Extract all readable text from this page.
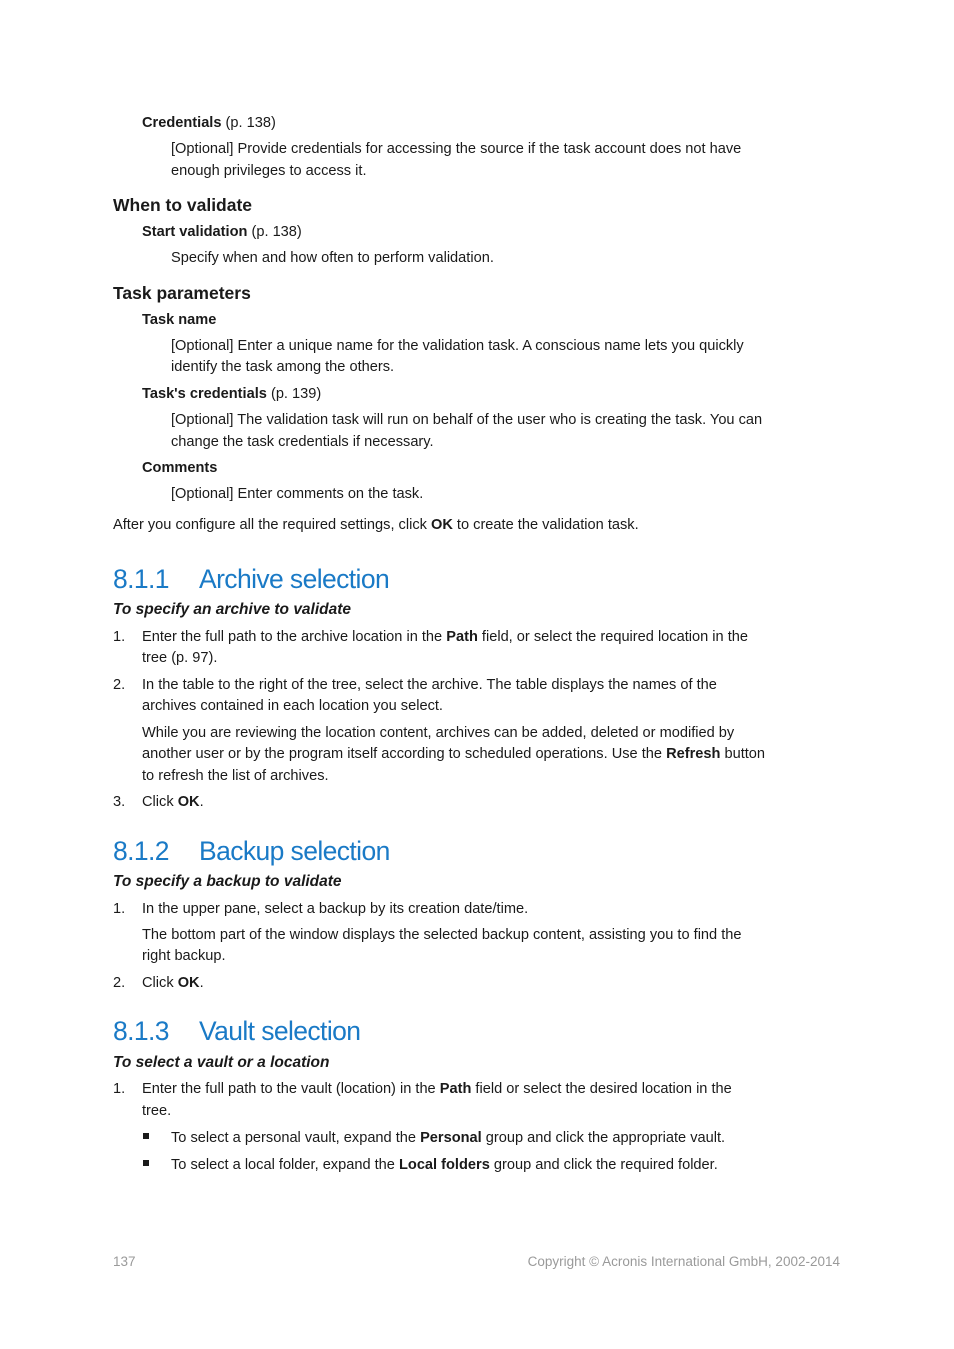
Credentials (p. 138)
[Optional] Provide credentials for accessing the source if the task account does not have
enough privileges to access it.
When to validate
Start validation (p. 138)
Specify when and how often to perform validation.
Task parameters
Task name
[Optional] Enter a unique name for the validation task. A conscious name lets you quickly
identify the task among the others.
Task's credentials (p. 139)
[Optional] The validation task will run on behalf of the user who is creating the task. You can
change the task credentials if necessary.
Comments
[Optional] Enter comments on the task.
After you configure all the required settings, click OK to create the validation task.
8.1.1 Archive selection
To specify an archive to validate
1. Enter the full path to the archive location in the Path field, or select the required location in the
tree (p. 97).
2. In the table to the right of the tree, select the archive. The table displays the names of the
archives contained in each location you select.
While you are reviewing the location content, archives can be added, deleted or modified by
another user or by the program itself according to scheduled operations. Use the Refresh button
to refresh the list of archives.
3. Click OK.
8.1.2 Backup selection
To specify a backup to validate
1. In the upper pane, select a backup by its creation date/time.
The bottom part of the window displays the selected backup content, assisting you to find the
right backup.
2. Click OK.
8.1.3 Vault selection
To select a vault or a location
1. Enter the full path to the vault (location) in the Path field or select the desired location in the
tree.
To select a personal vault, expand the Personal group and click the appropriate vault.
To select a local folder, expand the Local folders group and click the required folder.
137	Copyright © Acronis International GmbH, 2002-2014
